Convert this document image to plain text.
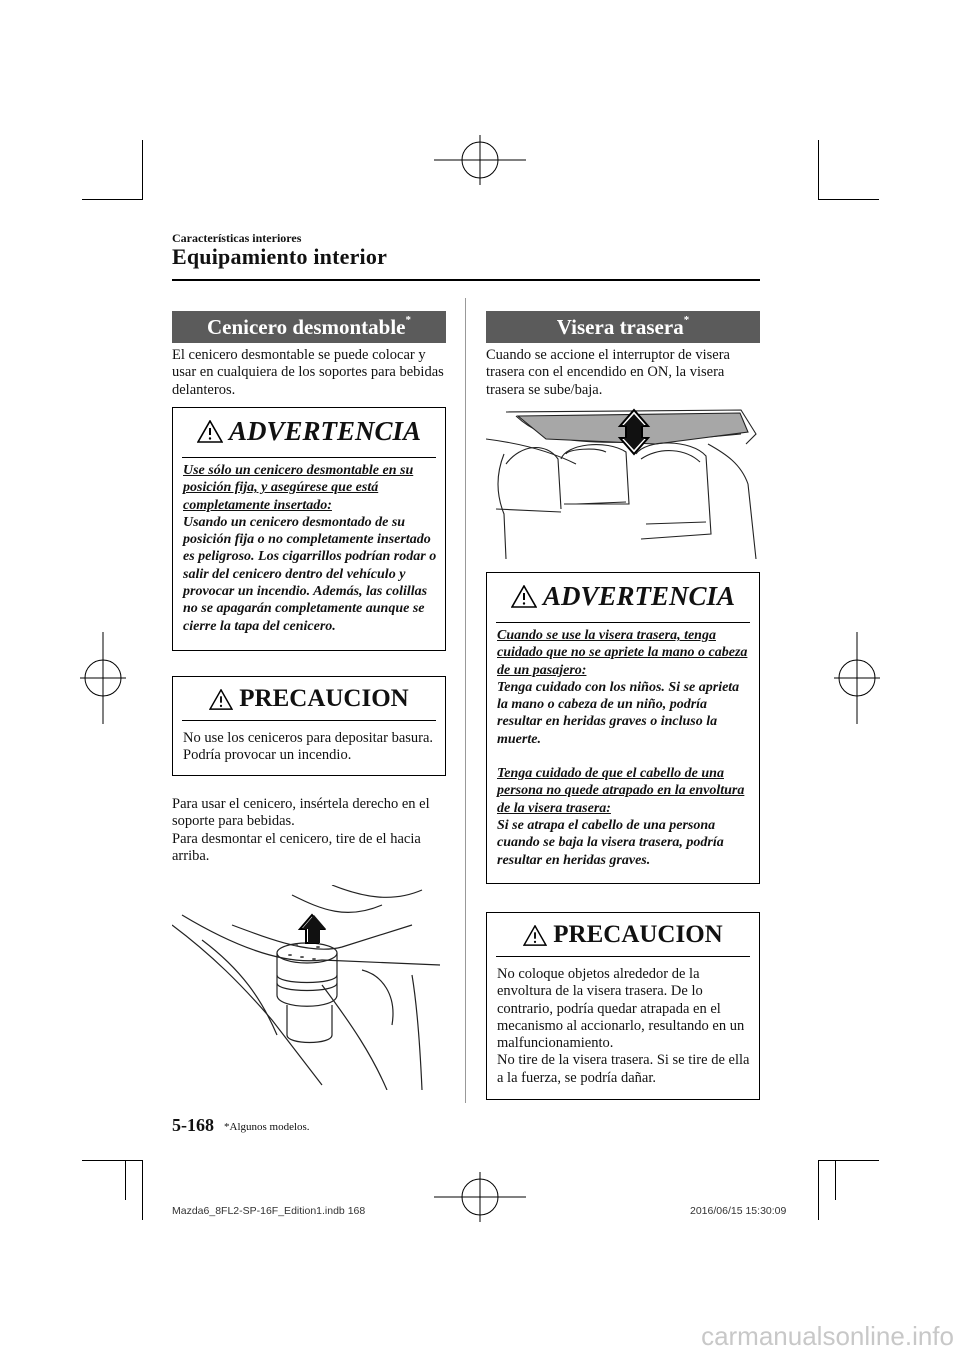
Características interiores
Equipamiento interior
Cenicero desmontable*
El cenicero desmontable se puede colocar y usar en cualquiera de los soportes para bebidas delanteros.
ADVERTENCIA
Use sólo un cenicero desmontable en su posición fija, y asegúrese que está completamente insertado:
Usando un cenicero desmontado de su posición fija o no completamente insertado es peligroso. Los cigarrillos podrían rodar o salir del cenicero dentro del vehículo y provocar un incendio. Además, las colillas no se apagarán completamente aunque se cierre la tapa del cenicero.
PRECAUCION
No use los ceniceros para depositar basura. Podría provocar un incendio.
Para usar el cenicero, insértela derecho en el soporte para bebidas.
Para desmontar el cenicero, tire de el hacia arriba.
Visera trasera*
Cuando se accione el interruptor de visera trasera con el encendido en ON, la visera trasera se sube/baja.
ADVERTENCIA
Cuando se use la visera trasera, tenga cuidado que no se apriete la mano o cabeza de un pasajero:
Tenga cuidado con los niños. Si se aprieta la mano o cabeza de un niño, podría resultar en heridas graves o incluso la muerte.
Tenga cuidado de que el cabello de una persona no quede atrapado en la envoltura de la visera trasera:
Si se atrapa el cabello de una persona cuando se baja la visera trasera, podría resultar en heridas graves.
PRECAUCION
No coloque objetos alrededor de la envoltura de la visera trasera. De lo contrario, podría quedar atrapada en el mecanismo al accionarlo, resultando en un malfuncionamiento.
No tire de la visera trasera. Si se tire de ella a la fuerza, se podría dañar.
5-168 *Algunos modelos.
Mazda6_8FL2-SP-16F_Edition1.indb 168	2016/06/15 15:30:09
carmanualsonline.info
